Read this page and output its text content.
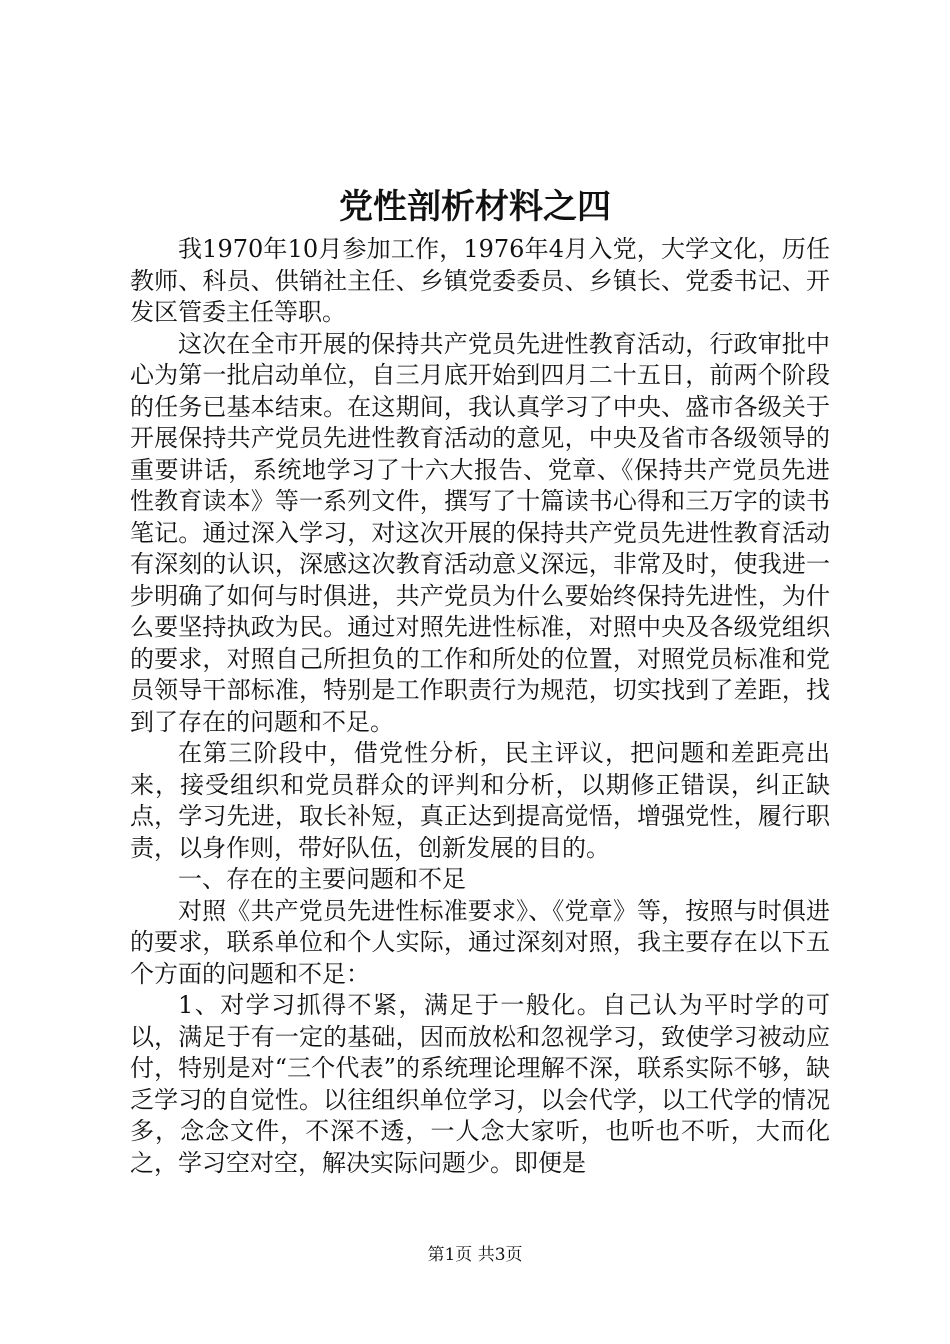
党性剖析材料之四

我1970年10月参加工作，1976年4月入党，大学文化，历任教师、科员、供销社主任、乡镇党委委员、乡镇长、党委书记、开发区管委主任等职。

这次在全市开展的保持共产党员先进性教育活动，行政审批中心为第一批启动单位，自三月底开始到四月二十五日，前两个阶段的任务已基本结束。在这期间，我认真学习了中央、盛市各级关于开展保持共产党员先进性教育活动的意见，中央及省市各级领导的重要讲话，系统地学习了十六大报告、党章、《保持共产党员先进性教育读本》等一系列文件，撰写了十篇读书心得和三万字的读书笔记。通过深入学习，对这次开展的保持共产党员先进性教育活动有深刻的认识，深感这次教育活动意义深远，非常及时，使我进一步明确了如何与时俱进，共产党员为什么要始终保持先进性，为什么要坚持执政为民。通过对照先进性标准，对照中央及各级党组织的要求，对照自己所担负的工作和所处的位置，对照党员标准和党员领导干部标准，特别是工作职责行为规范，切实找到了差距，找到了存在的问题和不足。

在第三阶段中，借党性分析，民主评议，把问题和差距亮出来，接受组织和党员群众的评判和分析，以期修正错误，纠正缺点，学习先进，取长补短，真正达到提高觉悟，增强党性，履行职责，以身作则，带好队伍，创新发展的目的。

一、存在的主要问题和不足

对照《共产党员先进性标准要求》、《党章》等，按照与时俱进的要求，联系单位和个人实际，通过深刻对照，我主要存在以下五个方面的问题和不足：

1、对学习抓得不紧，满足于一般化。自己认为平时学的可以，满足于有一定的基础，因而放松和忽视学习，致使学习被动应付，特别是对“三个代表”的系统理论理解不深，联系实际不够，缺乏学习的自觉性。以往组织单位学习，以会代学，以工代学的情况多，念念文件，不深不透，一人念大家听，也听也不听，大而化之，学习空对空，解决实际问题少。即便是

第1页 共3页
